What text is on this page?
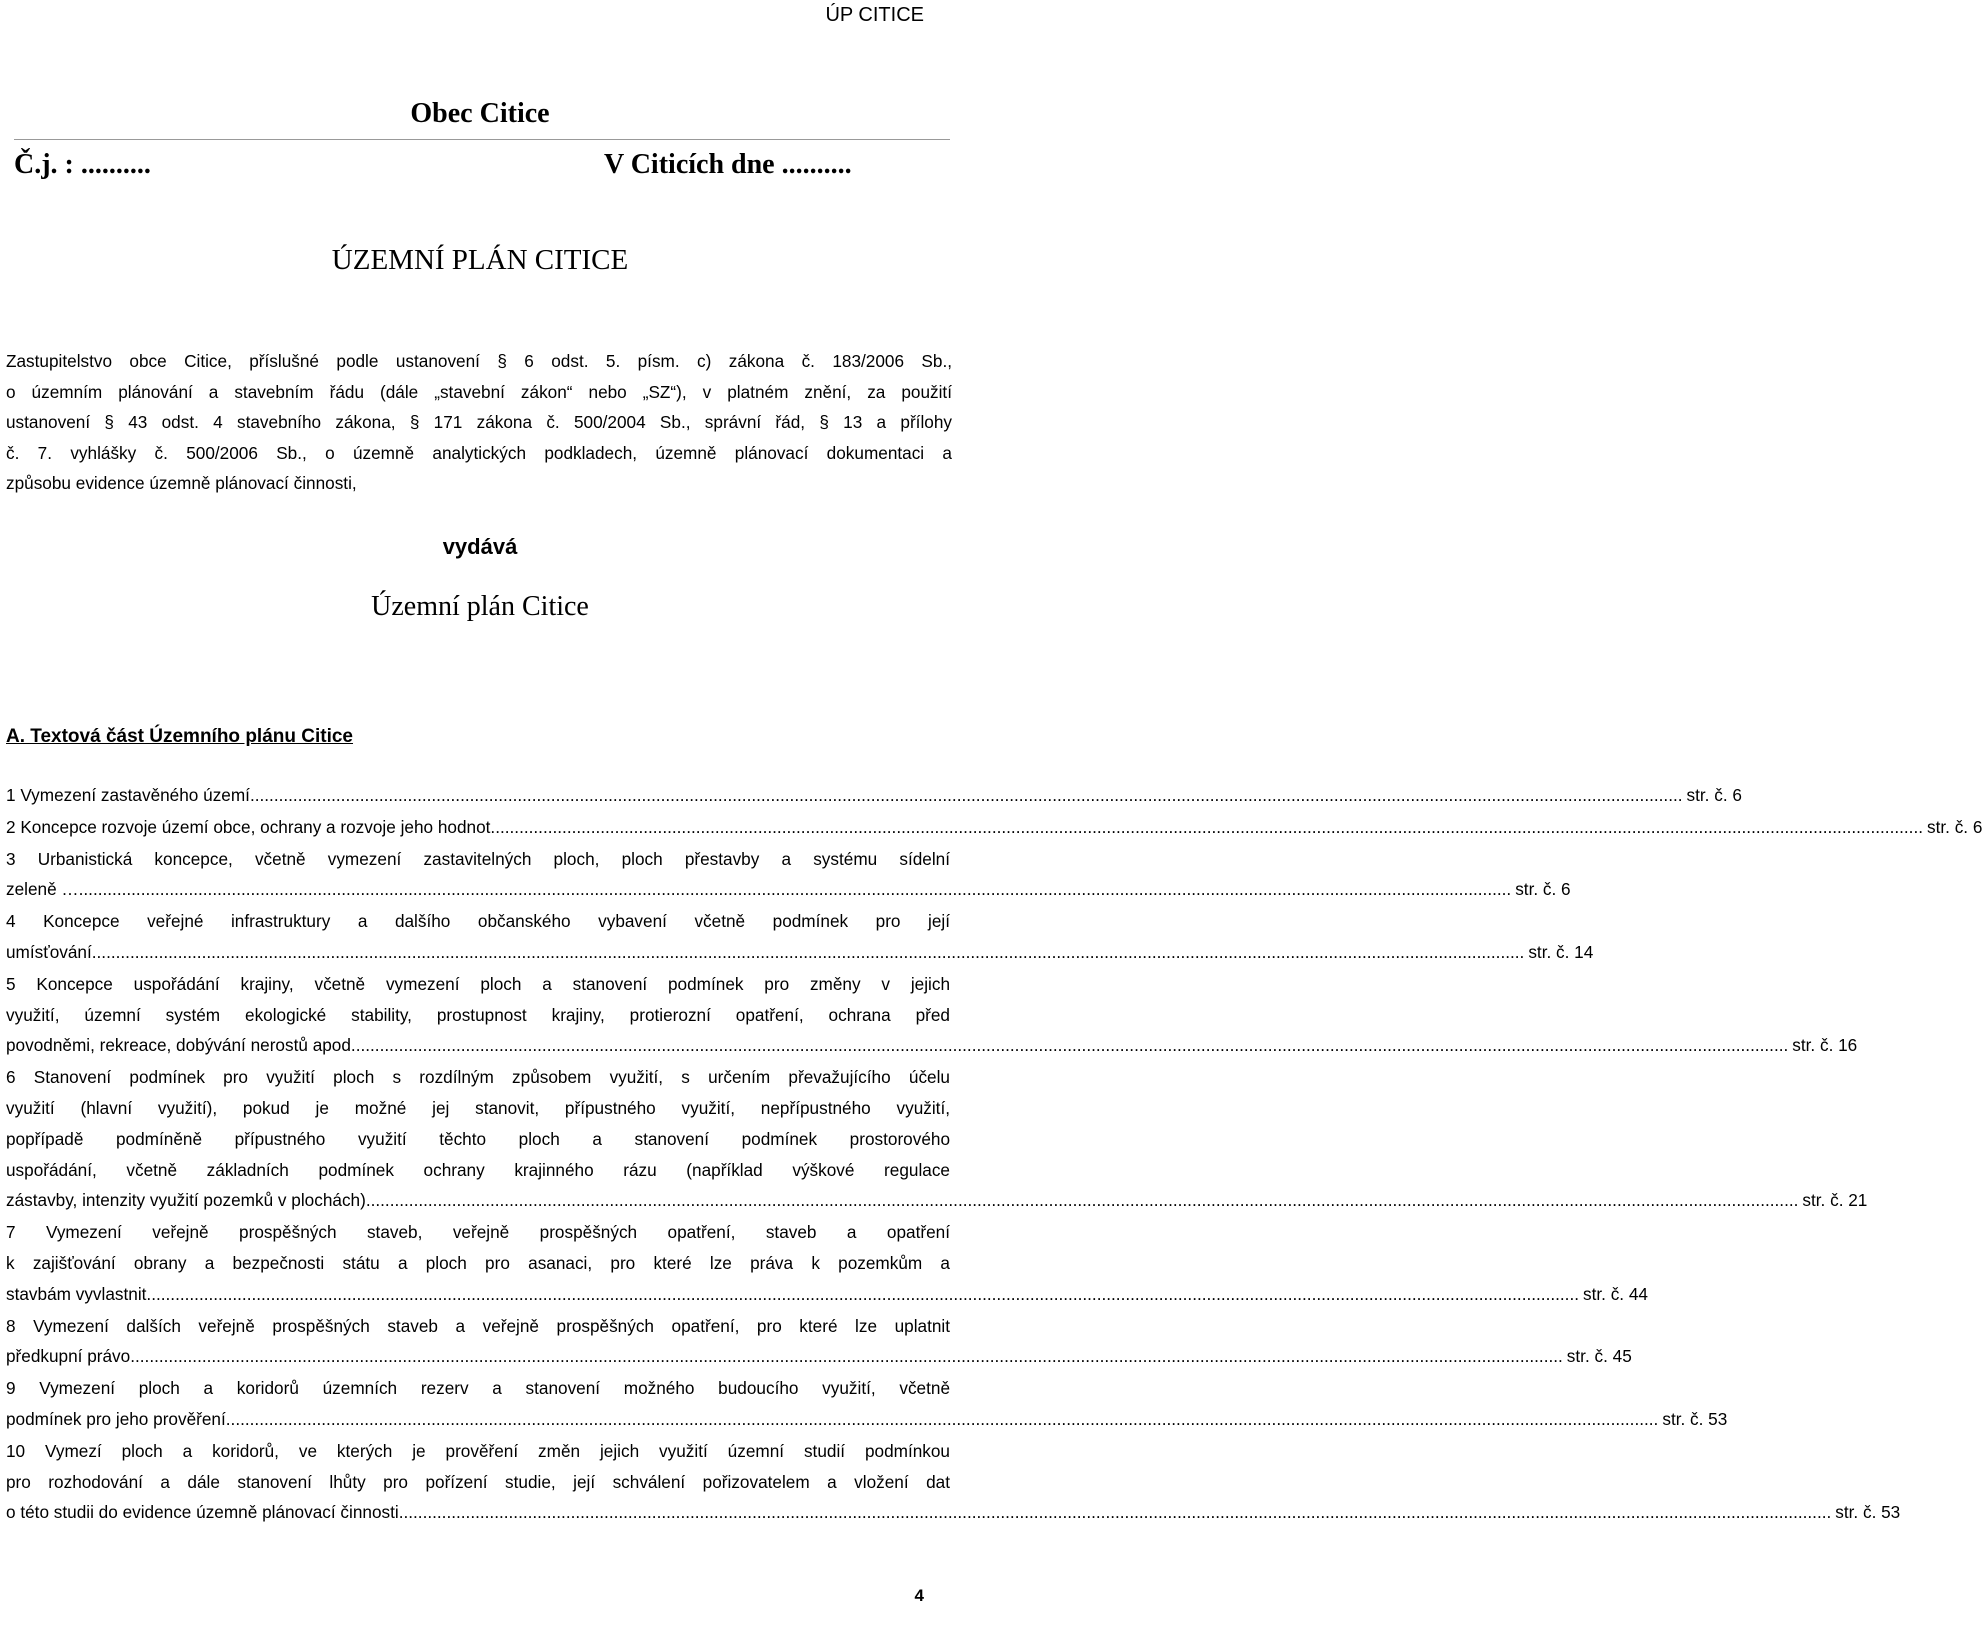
ÚP CITICE
Obec Citice
Č.j. : ..........	V Citicích dne ..........
ÚZEMNÍ PLÁN CITICE

Zastupitelstvo obce Citice, příslušné podle ustanovení § 6 odst. 5. písm. c) zákona č. 183/2006 Sb.,
o územním plánování a stavebním řádu (dále „stavební zákon“ nebo „SZ“), v platném znění, za použití
ustanovení § 43 odst. 4 stavebního zákona, § 171 zákona č. 500/2004 Sb., správní řád, § 13 a přílohy
č. 7. vyhlášky č. 500/2006 Sb., o územně analytických podkladech, územně plánovací dokumentaci a
způsobu evidence územně plánovací činnosti,

vydává
Územní plán Citice
A. Textová část Územního plánu Citice
1 Vymezení zastavěného území ............................................................................................................................................................................................................................................................................................................ str. č. 6
2 Koncepce rozvoje území obce, ochrany a rozvoje jeho hodnot ............................................................................................................................................................................................................................................................................................................ str. č. 6
3 Urbanistická koncepce, včetně vymezení zastavitelných ploch, ploch přestavby a systému sídelní
zeleně … ............................................................................................................................................................................................................................................................................................................ str. č. 6
4 Koncepce veřejné infrastruktury a dalšího občanského vybavení včetně podmínek pro její
umísťování ............................................................................................................................................................................................................................................................................................................ str. č. 14
5 Koncepce uspořádání krajiny, včetně vymezení ploch a stanovení podmínek pro změny v jejich
využití, územní systém ekologické stability, prostupnost krajiny, protierozní opatření, ochrana před
povodněmi, rekreace, dobývání nerostů apod. ............................................................................................................................................................................................................................................................................................................ str. č. 16
6 Stanovení podmínek pro využití ploch s rozdílným způsobem využití, s určením převažujícího účelu
využití (hlavní využití), pokud je možné jej stanovit, přípustného využití, nepřípustného využití,
popřípadě podmíněně přípustného využití těchto ploch a stanovení podmínek prostorového
uspořádání, včetně základních podmínek ochrany krajinného rázu (například výškové regulace
zástavby, intenzity využití pozemků v plochách) ............................................................................................................................................................................................................................................................................................................ str. č. 21
7 Vymezení veřejně prospěšných staveb, veřejně prospěšných opatření, staveb a opatření
k zajišťování obrany a bezpečnosti státu a ploch pro asanaci, pro které lze práva k pozemkům a
stavbám vyvlastnit ............................................................................................................................................................................................................................................................................................................ str. č. 44
8 Vymezení dalších veřejně prospěšných staveb a veřejně prospěšných opatření, pro které lze uplatnit
předkupní právo ............................................................................................................................................................................................................................................................................................................ str. č. 45
9 Vymezení ploch a koridorů územních rezerv a stanovení možného budoucího využití, včetně
podmínek pro jeho prověření ............................................................................................................................................................................................................................................................................................................ str. č. 53
10 Vymezí ploch a koridorů, ve kterých je prověření změn jejich využití územní studií podmínkou
pro rozhodování a dále stanovení lhůty pro pořízení studie, její schválení pořizovatelem a vložení dat
o této studii do evidence územně plánovací činnosti ............................................................................................................................................................................................................................................................................................................ str. č. 53
4
